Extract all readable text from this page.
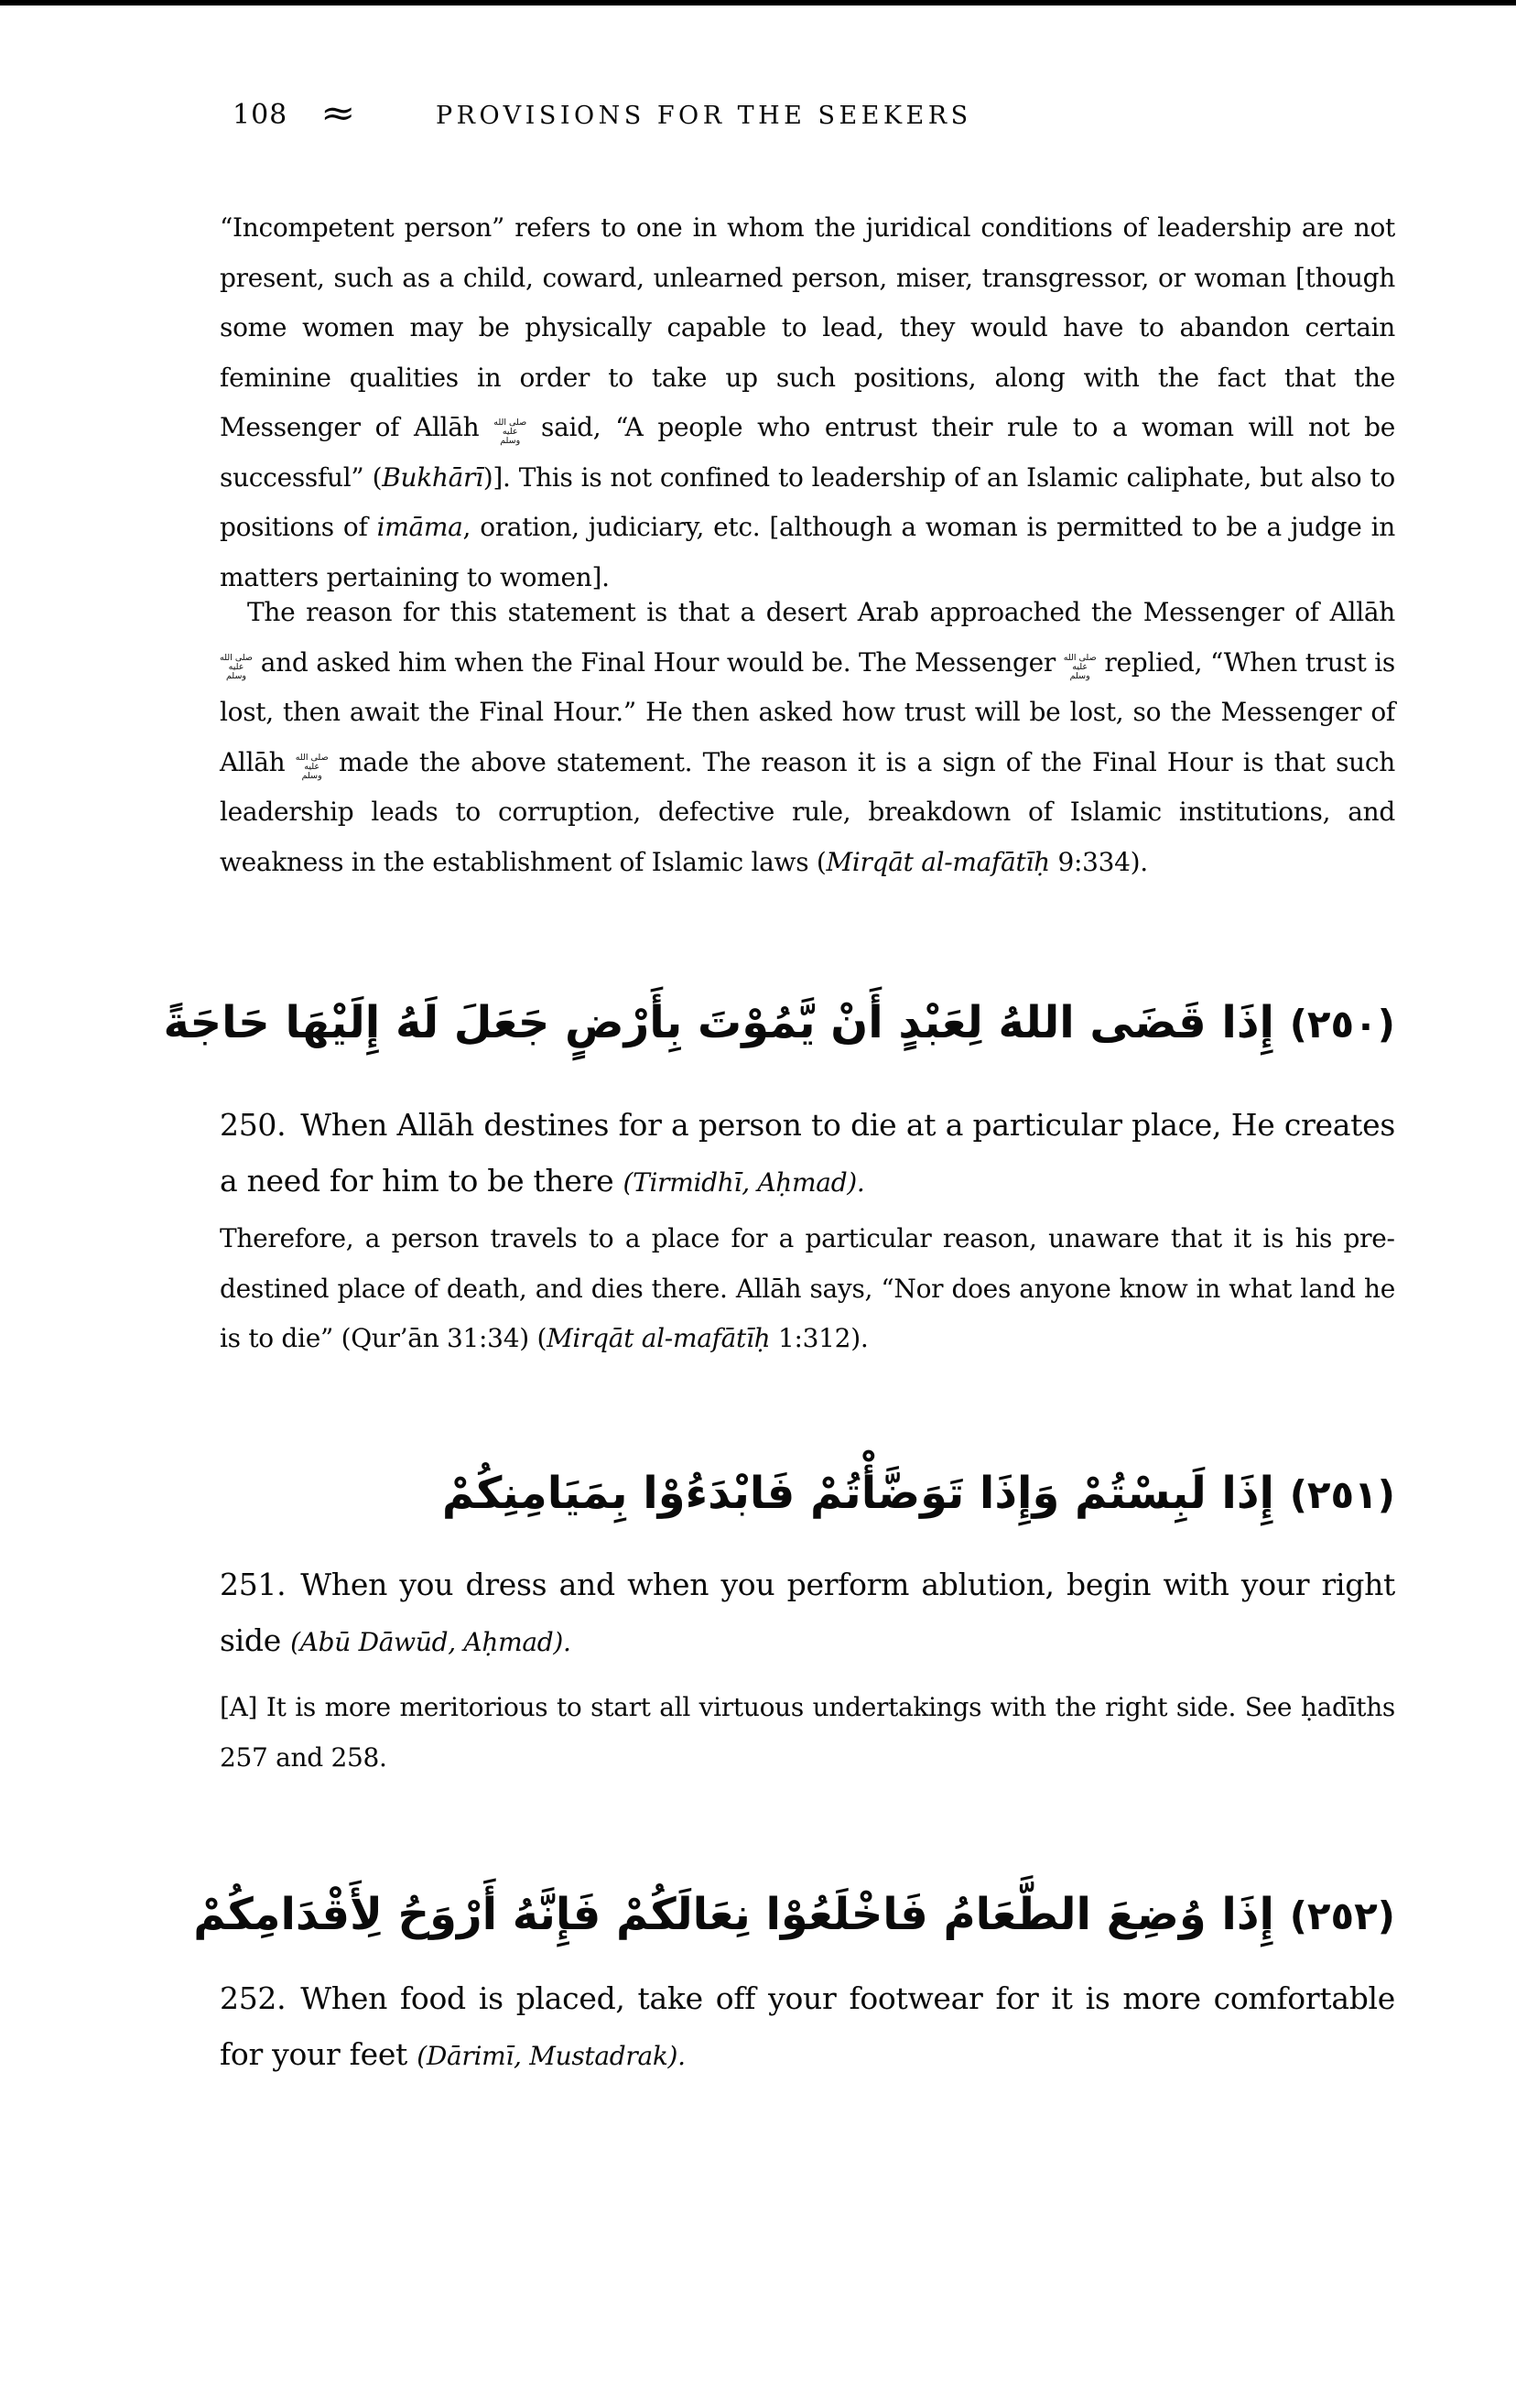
108 ≈	PROVISIONS FOR THE SEEKERS
“Incompetent person” refers to one in whom the juridical conditions of leadership are not present, such as a child, coward, unlearned person, miser, transgressor, or woman [though some women may be physically capable to lead, they would have to abandon certain feminine qualities in order to take up such positions, along with the fact that the Messenger of Allāh صلى الله عليه وسلم said, “A people who entrust their rule to a woman will not be successful” (Bukhārī)]. This is not confined to leadership of an Islamic caliphate, but also to positions of imāma, oration, judiciary, etc. [although a woman is permitted to be a judge in matters pertaining to women].
The reason for this statement is that a desert Arab approached the Messenger of Allāh صلى الله عليه وسلم and asked him when the Final Hour would be. The Messenger صلى الله عليه وسلم replied, “When trust is lost, then await the Final Hour.” He then asked how trust will be lost, so the Messenger of Allāh صلى الله عليه وسلم made the above statement. The reason it is a sign of the Final Hour is that such leadership leads to corruption, defective rule, breakdown of Islamic institutions, and weakness in the establishment of Islamic laws (Mirqāt al-mafātīḥ 9:334).
(٢٥٠) إِذَا قَضَى اللهُ لِعَبْدٍ أَنْ يَّمُوْتَ بِأَرْضٍ جَعَلَ لَهُ إِلَيْهَا حَاجَةً
250. When Allāh destines for a person to die at a particular place, He creates a need for him to be there (Tirmidhī, Aḥmad).
Therefore, a person travels to a place for a particular reason, unaware that it is his predestined place of death, and dies there. Allāh says, “Nor does anyone know in what land he is to die” (Qur’ān 31:34) (Mirqāt al-mafātīḥ 1:312).
(٢٥١) إِذَا لَبِسْتُمْ وَإِذَا تَوَضَّأْتُمْ فَابْدَءُوْا بِمَيَامِنِكُمْ
251. When you dress and when you perform ablution, begin with your right side (Abū Dāwūd, Aḥmad).
[A] It is more meritorious to start all virtuous undertakings with the right side. See ḥadīths 257 and 258.
(٢٥٢) إِذَا وُضِعَ الطَّعَامُ فَاخْلَعُوْا نِعَالَكُمْ فَإِنَّهُ أَرْوَحُ لِأَقْدَامِكُمْ
252. When food is placed, take off your footwear for it is more comfortable for your feet (Dārimī, Mustadrak).
